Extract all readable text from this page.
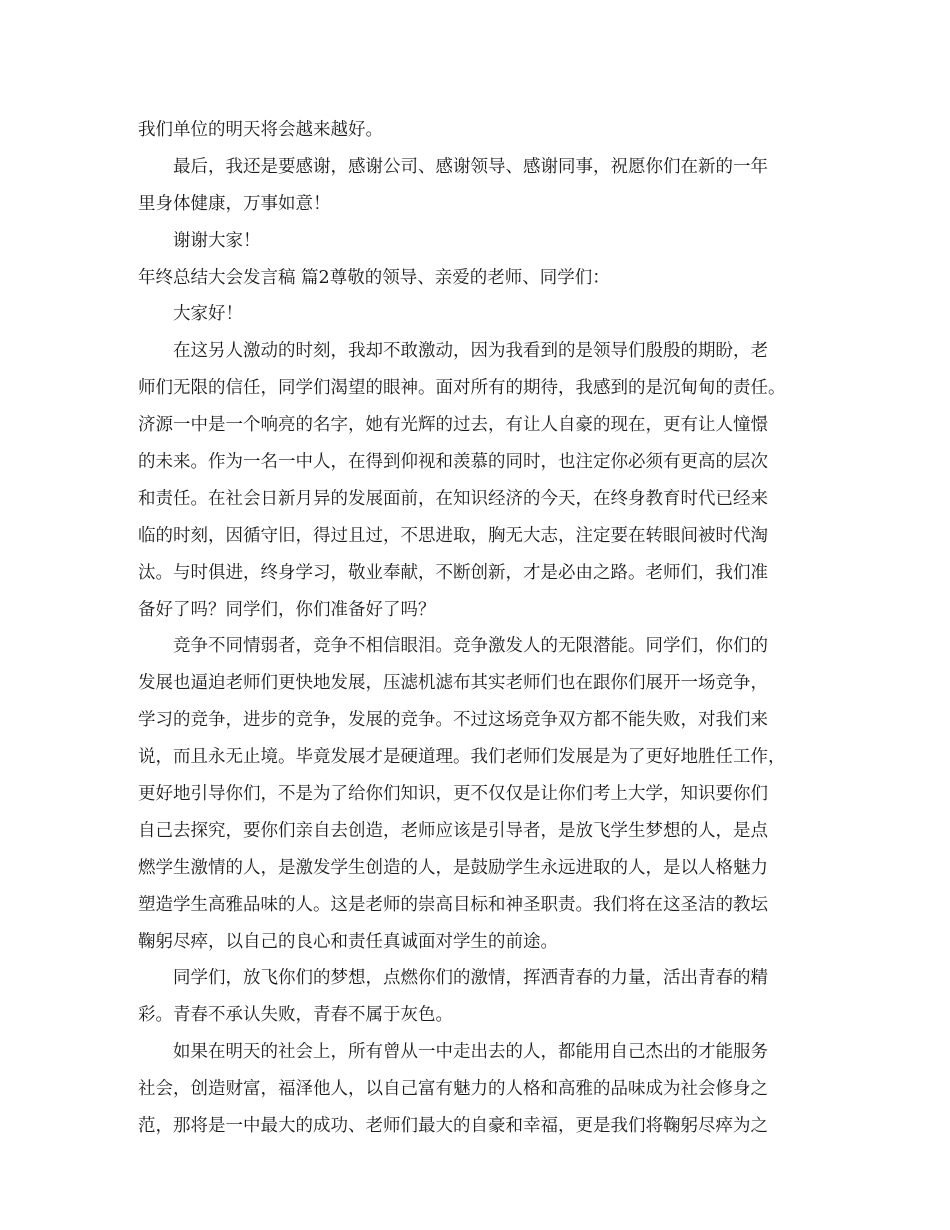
我们单位的明天将会越来越好。
最后，我还是要感谢，感谢公司、感谢领导、感谢同事，祝愿你们在新的一年
里身体健康，万事如意！
谢谢大家！
年终总结大会发言稿 篇2尊敬的领导、亲爱的老师、同学们：
大家好！
在这另人激动的时刻，我却不敢激动，因为我看到的是领导们殷殷的期盼，老
师们无限的信任，同学们渴望的眼神。面对所有的期待，我感到的是沉甸甸的责任。
济源一中是一个响亮的名字，她有光辉的过去，有让人自豪的现在，更有让人憧憬
的未来。作为一名一中人，在得到仰视和羡慕的同时，也注定你必须有更高的层次
和责任。在社会日新月异的发展面前，在知识经济的今天，在终身教育时代已经来
临的时刻，因循守旧，得过且过，不思进取，胸无大志，注定要在转眼间被时代淘
汰。与时俱进，终身学习，敬业奉献，不断创新，才是必由之路。老师们，我们准
备好了吗？同学们，你们准备好了吗？
竞争不同情弱者，竞争不相信眼泪。竞争激发人的无限潜能。同学们，你们的
发展也逼迫老师们更快地发展，压滤机滤布其实老师们也在跟你们展开一场竞争，
学习的竞争，进步的竞争，发展的竞争。不过这场竞争双方都不能失败，对我们来
说，而且永无止境。毕竟发展才是硬道理。我们老师们发展是为了更好地胜任工作，
更好地引导你们，不是为了给你们知识，更不仅仅是让你们考上大学，知识要你们
自己去探究，要你们亲自去创造，老师应该是引导者，是放飞学生梦想的人，是点
燃学生激情的人，是激发学生创造的人，是鼓励学生永远进取的人，是以人格魅力
塑造学生高雅品味的人。这是老师的崇高目标和神圣职责。我们将在这圣洁的教坛
鞠躬尽瘁，以自己的良心和责任真诚面对学生的前途。
同学们，放飞你们的梦想，点燃你们的激情，挥洒青春的力量，活出青春的精
彩。青春不承认失败，青春不属于灰色。
如果在明天的社会上，所有曾从一中走出去的人，都能用自己杰出的才能服务
社会，创造财富，福泽他人，以自己富有魅力的人格和高雅的品味成为社会修身之
范，那将是一中最大的成功、老师们最大的自豪和幸福，更是我们将鞠躬尽瘁为之
